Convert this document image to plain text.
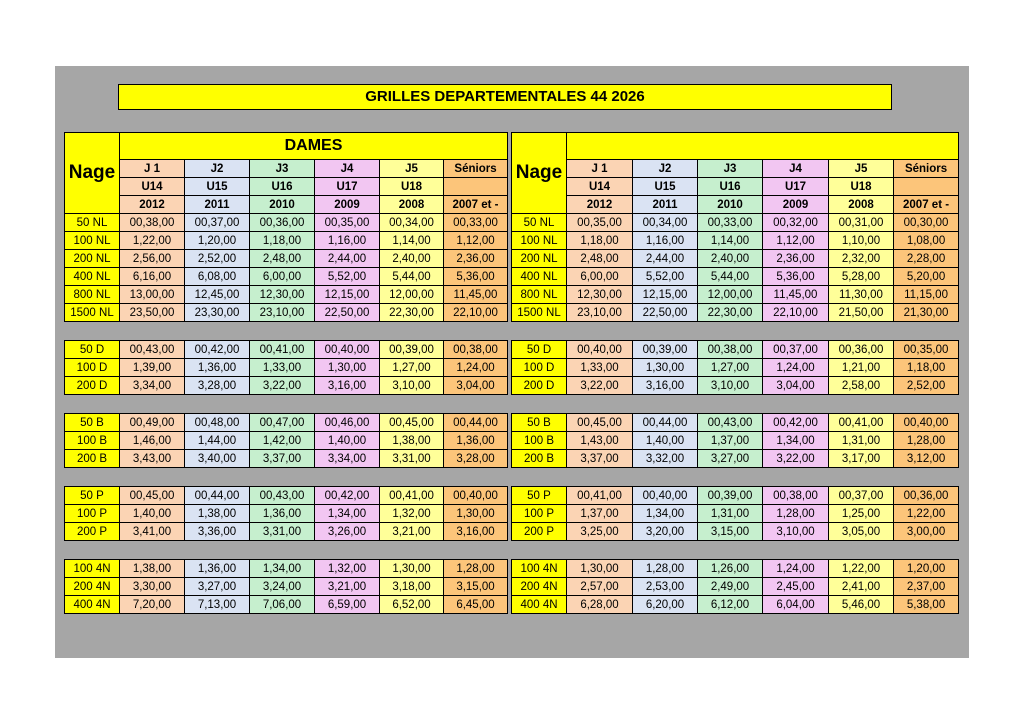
GRILLES DEPARTEMENTALES 44 2026
Nage	DAMES					
	J 1	J2	J3	J4	J5	Séniors
	U14	U15	U16	U17	U18	
	2012	2011	2010	2009	2008	2007 et -
50 NL	00,38,00	00,37,00	00,36,00	00,35,00	00,34,00	00,33,00
100 NL	1,22,00	1,20,00	1,18,00	1,16,00	1,14,00	1,12,00
200 NL	2,56,00	2,52,00	2,48,00	2,44,00	2,40,00	2,36,00
400 NL	6,16,00	6,08,00	6,00,00	5,52,00	5,44,00	5,36,00
800 NL	13,00,00	12,45,00	12,30,00	12,15,00	12,00,00	11,45,00
1500 NL	23,50,00	23,30,00	23,10,00	22,50,00	22,30,00	22,10,00

50 D	00,43,00	00,42,00	00,41,00	00,40,00	00,39,00	00,38,00
100 D	1,39,00	1,36,00	1,33,00	1,30,00	1,27,00	1,24,00
200 D	3,34,00	3,28,00	3,22,00	3,16,00	3,10,00	3,04,00

50 B	00,49,00	00,48,00	00,47,00	00,46,00	00,45,00	00,44,00
100 B	1,46,00	1,44,00	1,42,00	1,40,00	1,38,00	1,36,00
200 B	3,43,00	3,40,00	3,37,00	3,34,00	3,31,00	3,28,00

50 P	00,45,00	00,44,00	00,43,00	00,42,00	00,41,00	00,40,00
100 P	1,40,00	1,38,00	1,36,00	1,34,00	1,32,00	1,30,00
200 P	3,41,00	3,36,00	3,31,00	3,26,00	3,21,00	3,16,00

100 4N	1,38,00	1,36,00	1,34,00	1,32,00	1,30,00	1,28,00
200 4N	3,30,00	3,27,00	3,24,00	3,21,00	3,18,00	3,15,00
400 4N	7,20,00	7,13,00	7,06,00	6,59,00	6,52,00	6,45,00
Nage						
	J 1	J2	J3	J4	J5	Séniors
	U14	U15	U16	U17	U18	
	2012	2011	2010	2009	2008	2007 et -
50 NL	00,35,00	00,34,00	00,33,00	00,32,00	00,31,00	00,30,00
100 NL	1,18,00	1,16,00	1,14,00	1,12,00	1,10,00	1,08,00
200 NL	2,48,00	2,44,00	2,40,00	2,36,00	2,32,00	2,28,00
400 NL	6,00,00	5,52,00	5,44,00	5,36,00	5,28,00	5,20,00
800 NL	12,30,00	12,15,00	12,00,00	11,45,00	11,30,00	11,15,00
1500 NL	23,10,00	22,50,00	22,30,00	22,10,00	21,50,00	21,30,00

50 D	00,40,00	00,39,00	00,38,00	00,37,00	00,36,00	00,35,00
100 D	1,33,00	1,30,00	1,27,00	1,24,00	1,21,00	1,18,00
200 D	3,22,00	3,16,00	3,10,00	3,04,00	2,58,00	2,52,00

50 B	00,45,00	00,44,00	00,43,00	00,42,00	00,41,00	00,40,00
100 B	1,43,00	1,40,00	1,37,00	1,34,00	1,31,00	1,28,00
200 B	3,37,00	3,32,00	3,27,00	3,22,00	3,17,00	3,12,00

50 P	00,41,00	00,40,00	00,39,00	00,38,00	00,37,00	00,36,00
100 P	1,37,00	1,34,00	1,31,00	1,28,00	1,25,00	1,22,00
200 P	3,25,00	3,20,00	3,15,00	3,10,00	3,05,00	3,00,00

100 4N	1,30,00	1,28,00	1,26,00	1,24,00	1,22,00	1,20,00
200 4N	2,57,00	2,53,00	2,49,00	2,45,00	2,41,00	2,37,00
400 4N	6,28,00	6,20,00	6,12,00	6,04,00	5,46,00	5,38,00
